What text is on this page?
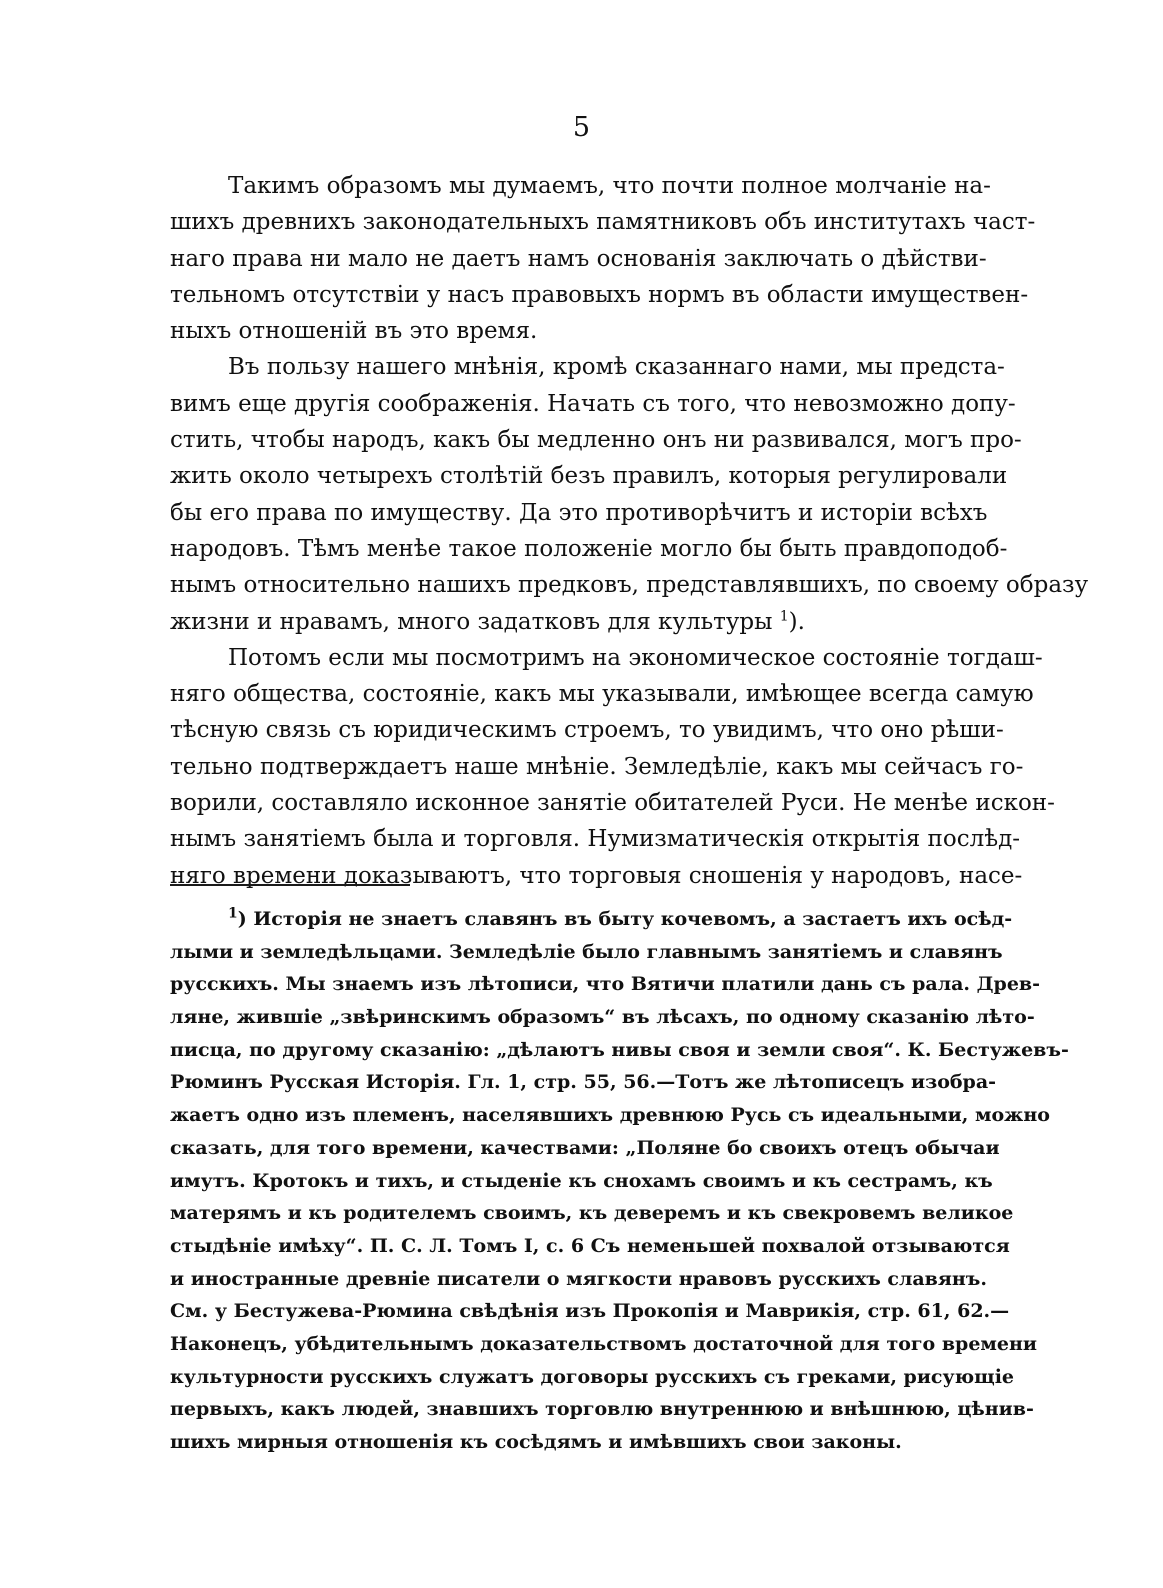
5
Такимъ образомъ мы думаемъ, что почти полное молчаніе на-
шихъ древнихъ законодательныхъ памятниковъ объ институтахъ част-
наго права ни мало не даетъ намъ основанія заключать о дѣйстви-
тельномъ отсутствіи у насъ правовыхъ нормъ въ области имуществен-
ныхъ отношеній въ это время.
Въ пользу нашего мнѣнія, кромѣ сказаннаго нами, мы предста-
вимъ еще другія соображенія. Начать съ того, что невозможно допу-
стить, чтобы народъ, какъ бы медленно онъ ни развивался, могъ про-
жить около четырехъ столѣтій безъ правилъ, которыя регулировали
бы его права по имуществу. Да это противорѣчитъ и исторіи всѣхъ
народовъ. Тѣмъ менѣе такое положеніе могло бы быть правдоподоб-
нымъ относительно нашихъ предковъ, представлявшихъ, по своему образу
жизни и нравамъ, много задатковъ для культуры $^1$).
Потомъ если мы посмотримъ на экономическое состояніе тогдаш-
няго общества, состояніе, какъ мы указывали, имѣющее всегда самую
тѣсную связь съ юридическимъ строемъ, то увидимъ, что оно рѣши-
тельно подтверждаетъ наше мнѣніе. Земледѣліе, какъ мы сейчасъ го-
ворили, составляло исконное занятіе обитателей Руси. Не менѣе искон-
нымъ занятіемъ была и торговля. Нумизматическія открытія послѣд-
няго времени доказываютъ, что торговыя сношенія у народовъ, насе-
$^1$) Исторія не знаетъ славянъ въ быту кочевомъ, а застаетъ ихъ осѣд-
лыми и земледѣльцами. Земледѣліе было главнымъ занятіемъ и славянъ
русскихъ. Мы знаемъ изъ лѣтописи, что Вятичи платили дань съ рала. Древ-
ляне, жившіе „звѣринскимъ образомъ“ въ лѣсахъ, по одному сказанію лѣто-
писца, по другому сказанію: „дѣлаютъ нивы своя и земли своя“. К. Бестужевъ-
Рюминъ Русская Исторія. Гл. 1, стр. 55, 56.—Тотъ же лѣтописецъ изобра-
жаетъ одно изъ племенъ, населявшихъ древнюю Русь съ идеальными, можно
сказать, для того времени, качествами: „Поляне бо своихъ отецъ обычаи
имутъ. Кротокъ и тихъ, и стыденіе къ снохамъ своимъ и къ сестрамъ, къ
матерямъ и къ родителемъ своимъ, къ деверемъ и къ свекровемъ великое
стыдѣніе имѣху“. П. С. Л. Томъ I, с. 6 Съ неменьшей похвалой отзываются
и иностранные древніе писатели о мягкости нравовъ русскихъ славянъ.
См. у Бестужева-Рюмина свѣдѣнія изъ Прокопія и Маврикія, стр. 61, 62.—
Наконецъ, убѣдительнымъ доказательствомъ достаточной для того времени
культурности русскихъ служатъ договоры русскихъ съ греками, рисующіе
первыхъ, какъ людей, знавшихъ торговлю внутреннюю и внѣшнюю, цѣнив-
шихъ мирныя отношенія къ сосѣдямъ и имѣвшихъ свои законы.
